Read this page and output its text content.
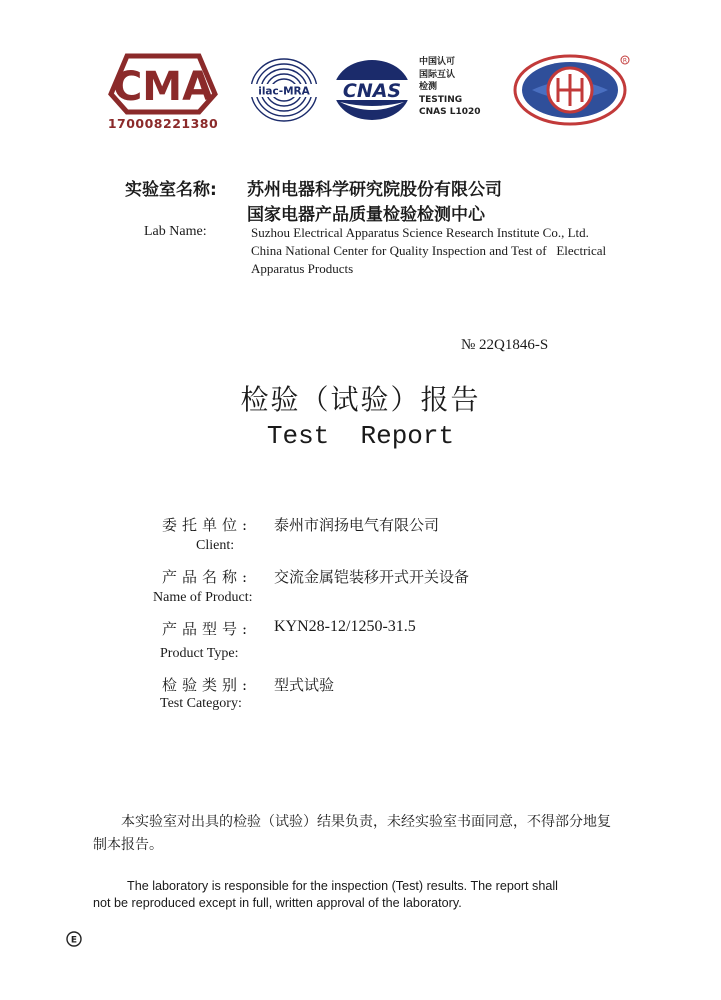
CMA
170008221380
ilac-MRA CNAS
中国认可
国际互认
检测
TESTING
CNAS L1020
R
实验室名称: 苏州电器科学研究院股份有限公司
国家电器产品质量检验检测中心
Lab Name:	Suzhou Electrical Apparatus Science Research Institute Co., Ltd.
China National Center for Quality Inspection and Test of   Electrical
Apparatus Products
№ 22Q1846-S
检验（试验）报告
Test  Report
委托单位: 泰州市润扬电气有限公司
Client:
产品名称: 交流金属铠装移开式开关设备
Name of Product:
产品型号: KYN28-12/1250-31.5
Product Type:
检验类别: 型式试验
Test Category:
本实验室对出具的检验（试验）结果负责，未经实验室书面同意，不得部分地复制本报告。
The laboratory is responsible for the inspection (Test) results. The report shall
not be reproduced except in full, written approval of the laboratory.
E
